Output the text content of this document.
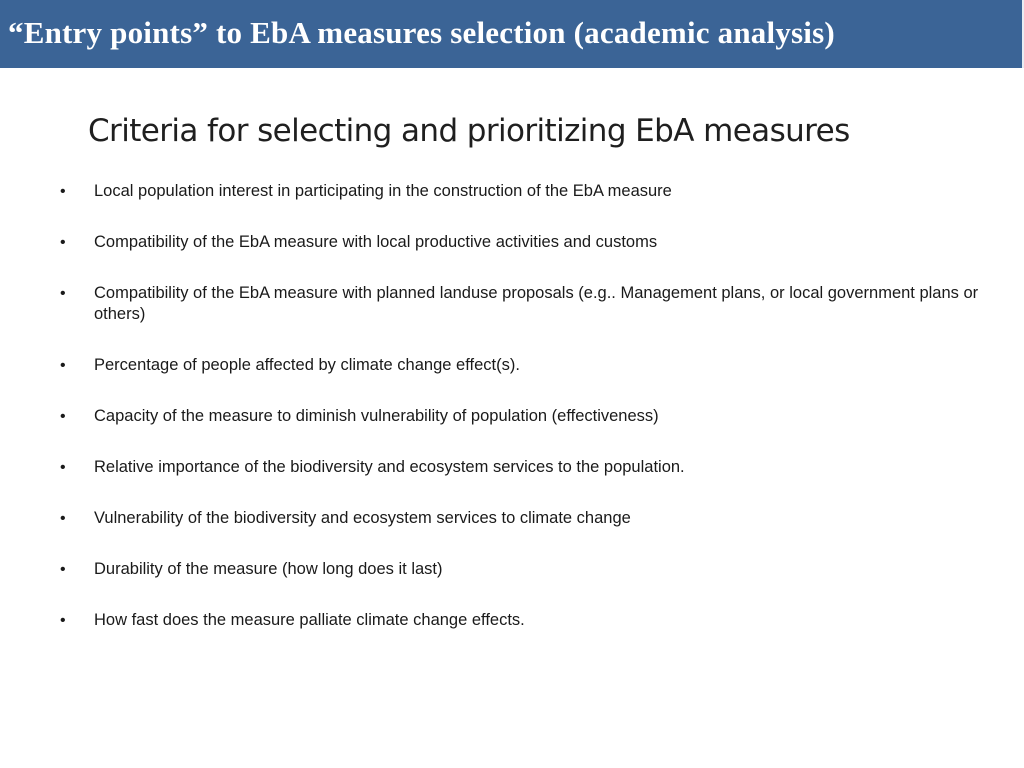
“Entry points” to EbA measures selection (academic analysis)
Criteria for selecting and prioritizing EbA measures
•	Local population interest in participating in the construction of the EbA measure
•	Compatibility of the EbA measure with local productive activities and customs
•	Compatibility of the EbA measure with planned landuse proposals (e.g.. Management plans, or local government plans or others)
•	Percentage of people affected by climate change effect(s).
•	Capacity of the measure to diminish vulnerability of population (effectiveness)
•	Relative importance of the biodiversity and ecosystem services to the population.
•	Vulnerability of the biodiversity and ecosystem services to climate change
•	Durability of the measure (how long does it last)
•	How fast does the measure palliate climate change effects.
